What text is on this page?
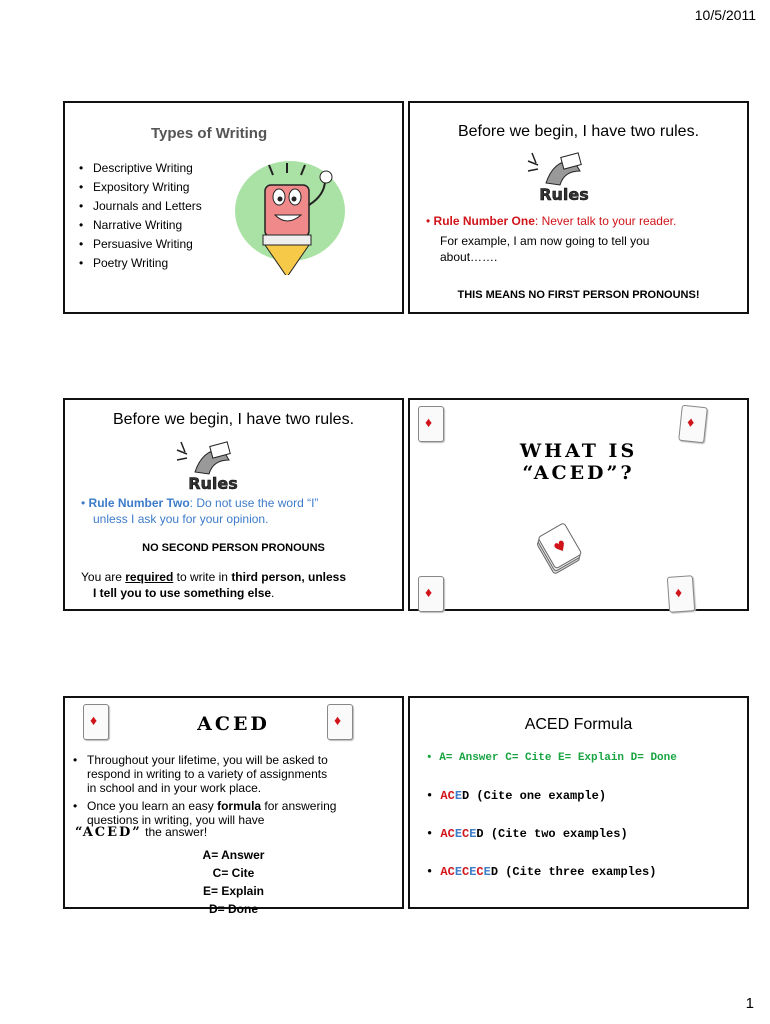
10/5/2011
Types of Writing
• Descriptive Writing
• Expository Writing
• Journals and Letters
• Narrative Writing
• Persuasive Writing
• Poetry Writing
Before we begin, I have two rules.
Rules
• Rule Number One: Never talk to your reader.
For example, I am now going to tell you
about…….
THIS MEANS NO FIRST PERSON PRONOUNS!
Before we begin, I have two rules.
Rules
• Rule Number Two: Do not use the word “I”
unless I ask you for your opinion.
NO SECOND PERSON PRONOUNS
You are required to write in third person, unless
I tell you to use something else.
♦
♦
♦
♦
WHAT IS
“ACED”?
♥
♦
♦
ACED
• Throughout your lifetime, you will be asked to
respond in writing to a variety of assignments
in school and in your work place.
• Once you learn an easy formula for answering
questions in writing, you will have
“ACED” the answer!
A= Answer
C= Cite
E= Explain
D= Done
ACED Formula
• A= Answer C= Cite E= Explain D= Done
• ACED (Cite one example)
• ACECED (Cite two examples)
• ACECECED (Cite three examples)
1
